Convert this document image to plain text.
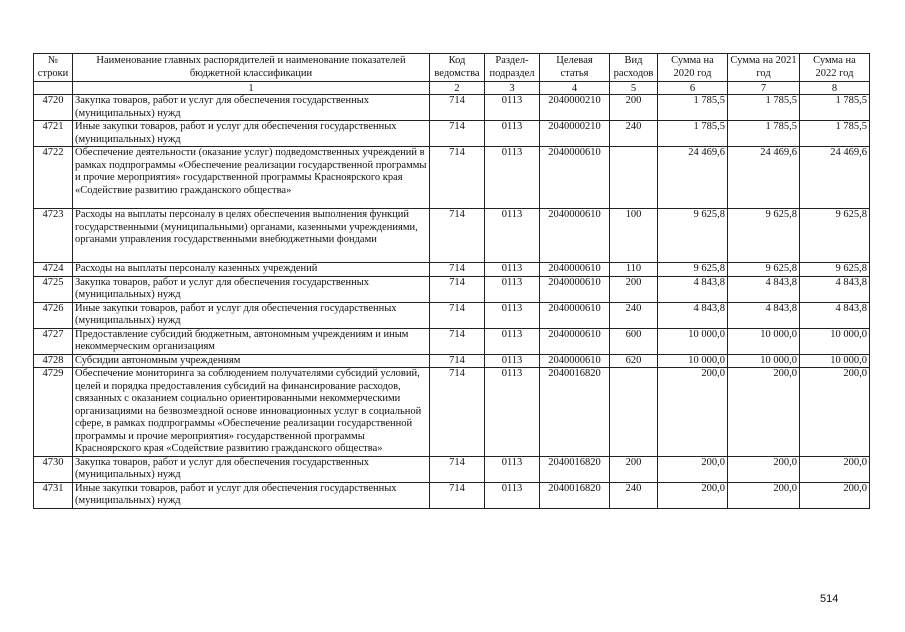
№ строки	Наименование главных распорядителей и наименование показателей бюджетной классификации	Код ведомства	Раздел-подраздел	Целевая статья	Вид расходов	Сумма на 2020 год	Сумма на 2021 год	Сумма на 2022 год
	1	2	3	4	5	6	7	8
4720	Закупка товаров, работ и услуг для обеспечения государственных (муниципальных) нужд	714	0113	2040000210	200	1 785,5	1 785,5	1 785,5
4721	Иные закупки товаров, работ и услуг для обеспечения государственных (муниципальных) нужд	714	0113	2040000210	240	1 785,5	1 785,5	1 785,5
4722	Обеспечение деятельности (оказание услуг) подведомственных учреждений в рамках подпрограммы «Обеспечение реализации государственной программы и прочие мероприятия» государственной программы Красноярского края «Содействие развитию гражданского общества»	714	0113	2040000610		24 469,6	24 469,6	24 469,6
4723	Расходы на выплаты персоналу в целях обеспечения выполнения функций государственными (муниципальными) органами, казенными учреждениями, органами управления государственными внебюджетными фондами	714	0113	2040000610	100	9 625,8	9 625,8	9 625,8
4724	Расходы на выплаты персоналу казенных учреждений	714	0113	2040000610	110	9 625,8	9 625,8	9 625,8
4725	Закупка товаров, работ и услуг для обеспечения государственных (муниципальных) нужд	714	0113	2040000610	200	4 843,8	4 843,8	4 843,8
4726	Иные закупки товаров, работ и услуг для обеспечения государственных (муниципальных) нужд	714	0113	2040000610	240	4 843,8	4 843,8	4 843,8
4727	Предоставление субсидий бюджетным, автономным учреждениям и иным некоммерческим организациям	714	0113	2040000610	600	10 000,0	10 000,0	10 000,0
4728	Субсидии автономным учреждениям	714	0113	2040000610	620	10 000,0	10 000,0	10 000,0
4729	Обеспечение мониторинга за соблюдением получателями субсидий условий, целей и порядка предоставления субсидий на финансирование расходов, связанных с оказанием социально ориентированными некоммерческими организациями на безвозмездной основе инновационных услуг в социальной сфере, в рамках подпрограммы «Обеспечение реализации государственной программы и прочие мероприятия» государственной программы Красноярского края «Содействие развитию гражданского общества»	714	0113	2040016820		200,0	200,0	200,0
4730	Закупка товаров, работ и услуг для обеспечения государственных (муниципальных) нужд	714	0113	2040016820	200	200,0	200,0	200,0
4731	Иные закупки товаров, работ и услуг для обеспечения государственных (муниципальных) нужд	714	0113	2040016820	240	200,0	200,0	200,0
514
